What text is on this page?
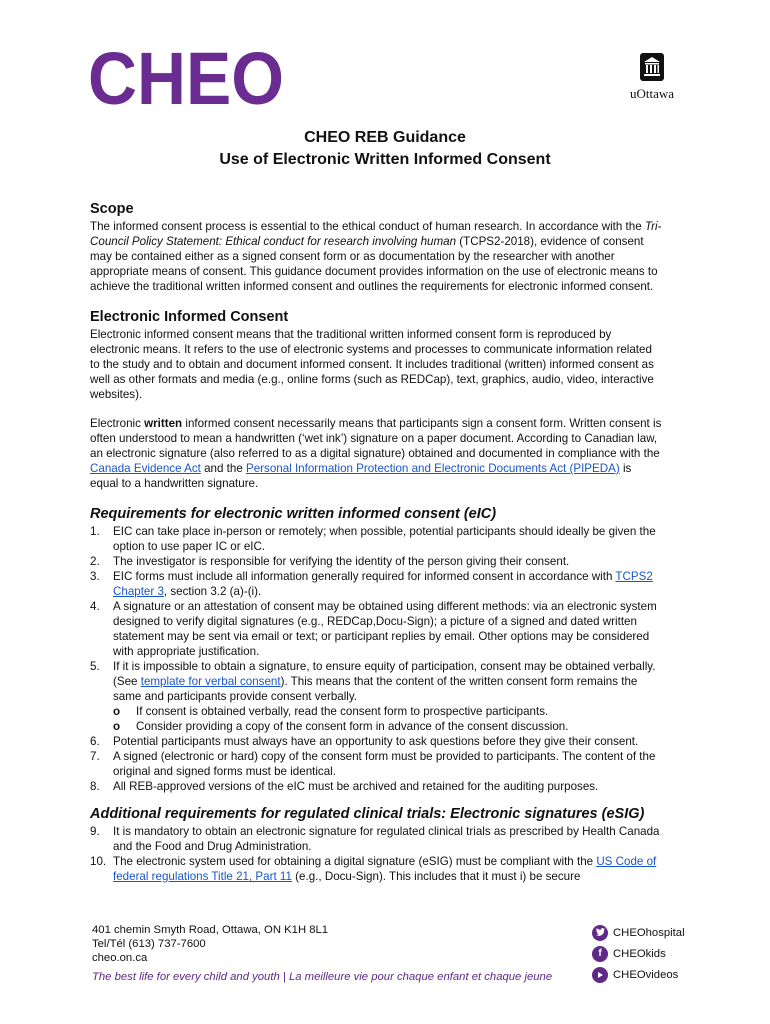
CHEO	uOttawa
CHEO REB Guidance
Use of Electronic Written Informed Consent
Scope

The informed consent process is essential to the ethical conduct of human research. In accordance with the Tri-Council Policy Statement: Ethical conduct for research involving human (TCPS2-2018), evidence of consent may be contained either as a signed consent form or as documentation by the researcher with another appropriate means of consent. This guidance document provides information on the use of electronic means to achieve the traditional written informed consent and outlines the requirements for electronic informed consent.

Electronic Informed Consent

Electronic informed consent means that the traditional written informed consent form is reproduced by electronic means. It refers to the use of electronic systems and processes to communicate information related to the study and to obtain and document informed consent. It includes traditional (written) informed consent as well as other formats and media (e.g., online forms (such as REDCap), text, graphics, audio, video, interactive websites).

Electronic written informed consent necessarily means that participants sign a consent form. Written consent is often understood to mean a handwritten (‘wet ink’) signature on a paper document. According to Canadian law, an electronic signature (also referred to as a digital signature) obtained and documented in compliance with the Canada Evidence Act and the Personal Information Protection and Electronic Documents Act (PIPEDA) is equal to a handwritten signature.

Requirements for electronic written informed consent (eIC)
1. EIC can take place in-person or remotely; when possible, potential participants should ideally be given the option to use paper IC or eIC.
2. The investigator is responsible for verifying the identity of the person giving their consent.
3. EIC forms must include all information generally required for informed consent in accordance with TCPS2 Chapter 3, section 3.2 (a)-(i).
4. A signature or an attestation of consent may be obtained using different methods: via an electronic system designed to verify digital signatures (e.g., REDCap,Docu-Sign); a picture of a signed and dated written statement may be sent via email or text; or participant replies by email. Other options may be considered with appropriate justification.
5. If it is impossible to obtain a signature, to ensure equity of participation, consent may be obtained verbally. (See template for verbal consent). This means that the content of the written consent form remains the same and participants provide consent verbally.
o If consent is obtained verbally, read the consent form to prospective participants.
o Consider providing a copy of the consent form in advance of the consent discussion.
6. Potential participants must always have an opportunity to ask questions before they give their consent.
7. A signed (electronic or hard) copy of the consent form must be provided to participants. The content of the original and signed forms must be identical.
8. All REB-approved versions of the eIC must be archived and retained for the auditing purposes.
Additional requirements for regulated clinical trials: Electronic signatures (eSIG)
9. It is mandatory to obtain an electronic signature for regulated clinical trials as prescribed by Health Canada and the Food and Drug Administration.
10. The electronic system used for obtaining a digital signature (eSIG) must be compliant with the US Code of federal regulations Title 21, Part 11 (e.g., Docu-Sign). This includes that it must i) be secure
401 chemin Smyth Road, Ottawa, ON K1H 8L1
Tel/Tél (613) 737-7600
cheo.on.ca
The best life for every child and youth | La meilleure vie pour chaque enfant et chaque jeune
CHEOhospital
f	CHEOkids
CHEOvideos
